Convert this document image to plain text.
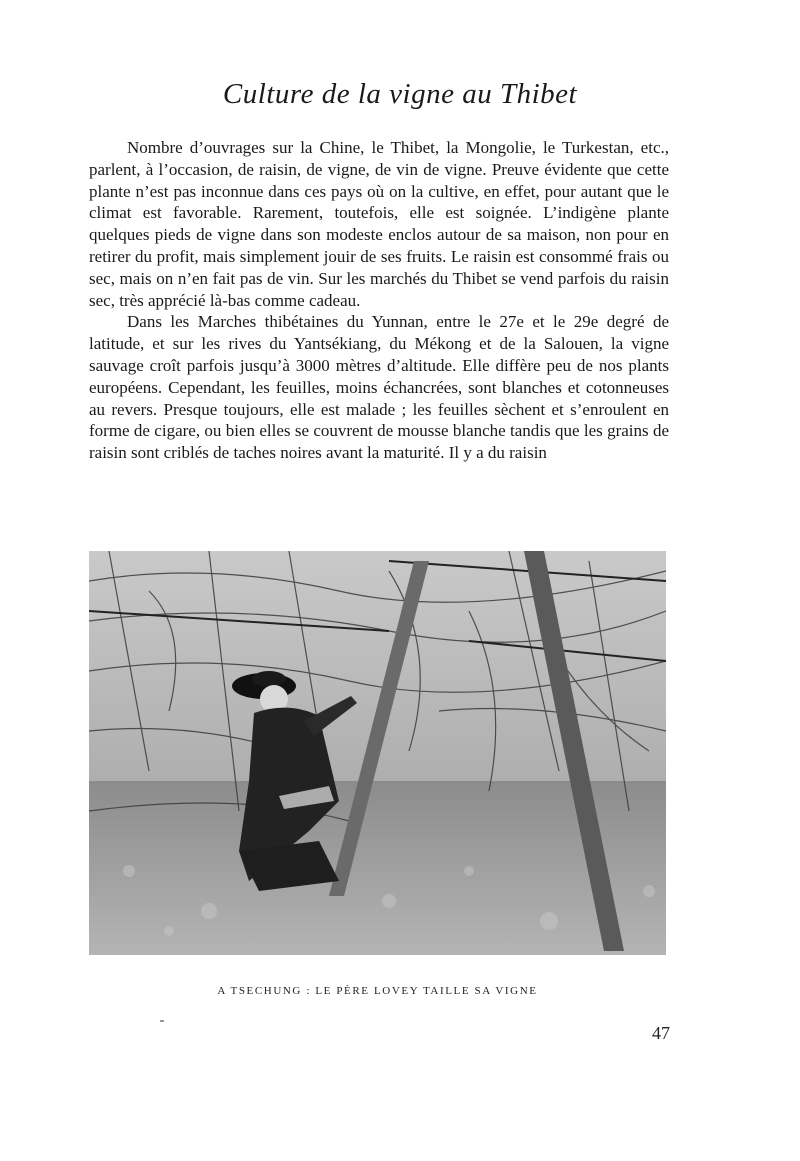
Culture de la vigne au Thibet

Nombre d’ouvrages sur la Chine, le Thibet, la Mongolie, le Turkestan, etc., parlent, à l’occasion, de raisin, de vigne, de vin de vigne. Preuve évidente que cette plante n’est pas inconnue dans ces pays où on la cultive, en effet, pour autant que le climat est favorable. Rarement, toutefois, elle est soignée. L’indigène plante quelques pieds de vigne dans son modeste enclos autour de sa maison, non pour en retirer du profit, mais simplement jouir de ses fruits. Le raisin est consommé frais ou sec, mais on n’en fait pas de vin. Sur les marchés du Thibet se vend parfois du raisin sec, très apprécié là-bas comme cadeau.

Dans les Marches thibétaines du Yunnan, entre le 27e et le 29e degré de latitude, et sur les rives du Yantsékiang, du Mékong et de la Salouen, la vigne sauvage croît parfois jusqu’à 3000 mètres d’altitude. Elle diffère peu de nos plants européens. Cependant, les feuilles, moins échancrées, sont blanches et cotonneuses au revers. Presque toujours, elle est malade ; les feuilles sèchent et s’enroulent en forme de cigare, ou bien elles se couvrent de mousse blanche tandis que les grains de raisin sont criblés de taches noires avant la maturité. Il y a du raisin

A TSECHUNG : LE PÈRE LOVEY TAILLE SA VIGNE
47
